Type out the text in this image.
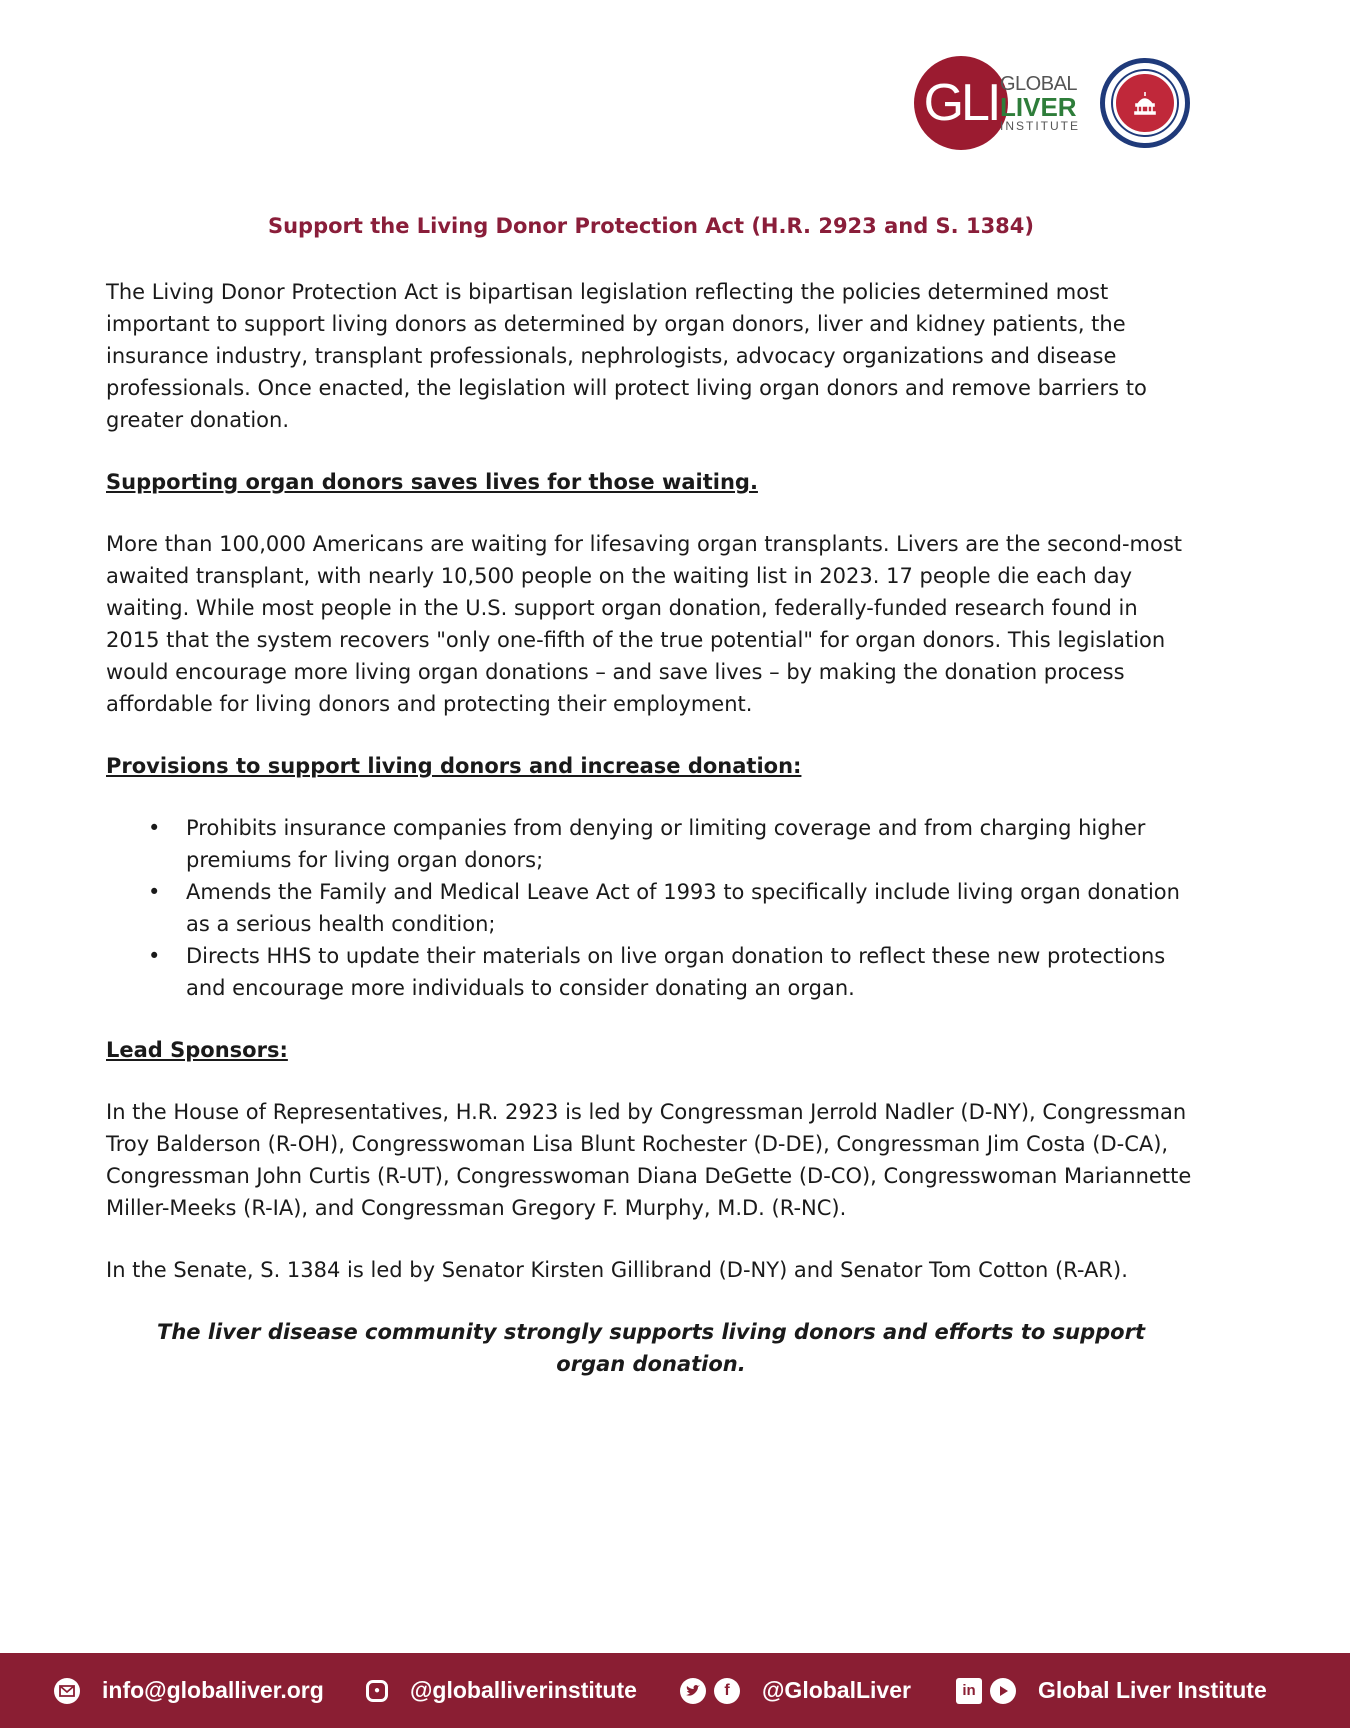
GLI GLOBAL
LIVER
INSTITUTE
Support the Living Donor Protection Act (H.R. 2923 and S. 1384)

The Living Donor Protection Act is bipartisan legislation reflecting the policies determined most important to support living donors as determined by organ donors, liver and kidney patients, the insurance industry, transplant professionals, nephrologists, advocacy organizations and disease professionals. Once enacted, the legislation will protect living organ donors and remove barriers to greater donation.

Supporting organ donors saves lives for those waiting.

More than 100,000 Americans are waiting for lifesaving organ transplants. Livers are the second-most awaited transplant, with nearly 10,500 people on the waiting list in 2023. 17 people die each day waiting. While most people in the U.S. support organ donation, federally-funded research found in 2015 that the system recovers "only one-fifth of the true potential" for organ donors. This legislation would encourage more living organ donations – and save lives – by making the donation process affordable for living donors and protecting their employment.

Provisions to support living donors and increase donation:
• Prohibits insurance companies from denying or limiting coverage and from charging higher premiums for living organ donors;
• Amends the Family and Medical Leave Act of 1993 to specifically include living organ donation as a serious health condition;
• Directs HHS to update their materials on live organ donation to reflect these new protections and encourage more individuals to consider donating an organ.
Lead Sponsors:

In the House of Representatives, H.R. 2923 is led by Congressman Jerrold Nadler (D-NY), Congressman Troy Balderson (R-OH), Congresswoman Lisa Blunt Rochester (D-DE), Congressman Jim Costa (D-CA), Congressman John Curtis (R-UT), Congresswoman Diana DeGette (D-CO), Congresswoman Mariannette Miller-Meeks (R-IA), and Congressman Gregory F. Murphy, M.D. (R-NC).

In the Senate, S. 1384 is led by Senator Kirsten Gillibrand (D-NY) and Senator Tom Cotton (R-AR).

The liver disease community strongly supports living donors and efforts to support organ donation.
info@globalliver.org	●	@globalliverinstitute	f	@GlobalLiver	in	Global Liver Institute
